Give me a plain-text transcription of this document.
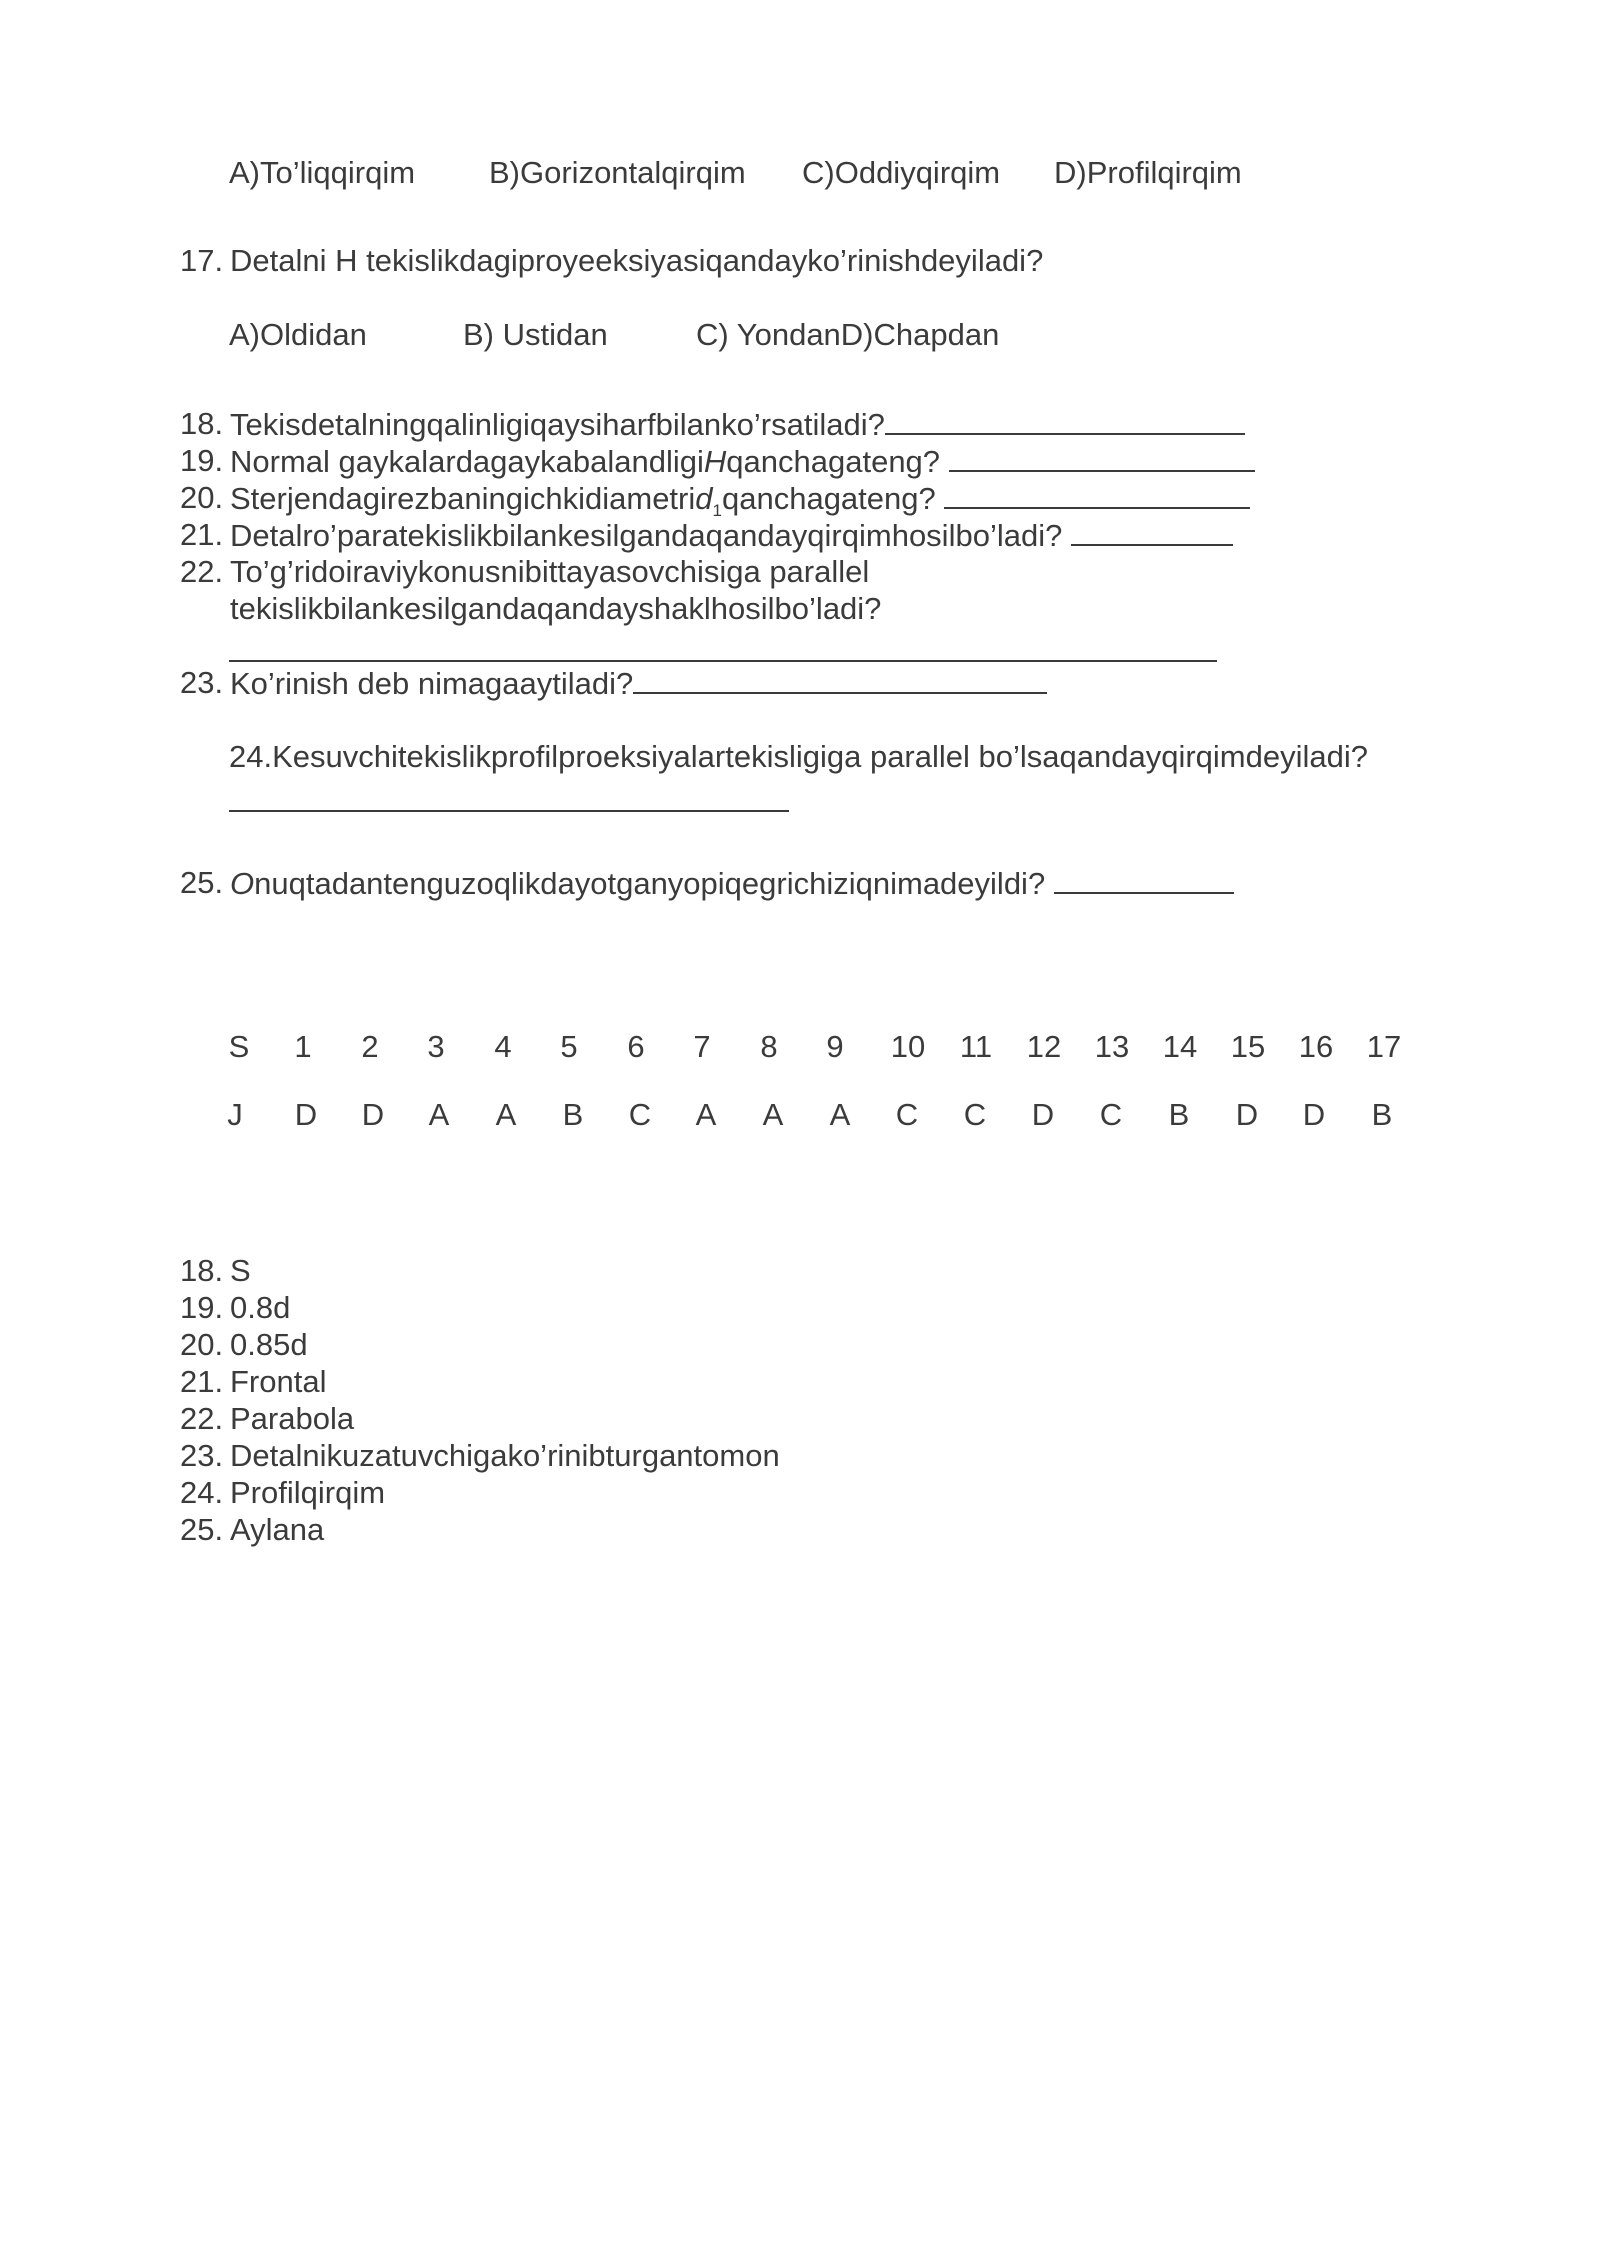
A)To’liqqirqim B)Gorizontalqirqim C)Oddiyqirqim D)Profilqirqim
17. Detalni H tekislikdagiproyeeksiyasiqandayko’rinishdeyiladi?
A)Oldidan	B) Ustidan	C) YondanD)Chapdan
18. Tekisdetalningqalinligiqaysiharfbilanko’rsatiladi?
19. Normal gaykalardagaykabalandligiHqanchagateng?
20. Sterjendagirezbaningichkidiametrid$_1$qanchagateng?
21. Detalro’paratekislikbilankesilgandaqandayqirqimhosilbo’ladi?
22. To’g’ridoiraviykonusnibittayasovchisiga parallel
tekislikbilankesilgandaqandayshaklhosilbo’ladi?
23. Ko’rinish deb nimagaaytiladi?
24.Kesuvchitekislikprofilproeksiyalartekisligiga parallel bo’lsaqandayqirqimdeyiladi?
25. Onuqtadantenguzoqlikdayotganyopiqegrichiziqnimadeyildi?
S	1	2	3	4	5	6	7	8	9	10	11	12	13	14	15	16	17
J	D	D	A	A	B	C	A	A	A	C	C	D	C	B	D	D	B
18. S
19. 0.8d
20. 0.85d
21. Frontal
22. Parabola
23. Detalnikuzatuvchigako’rinibturgantomon
24. Profilqirqim
25. Aylana
